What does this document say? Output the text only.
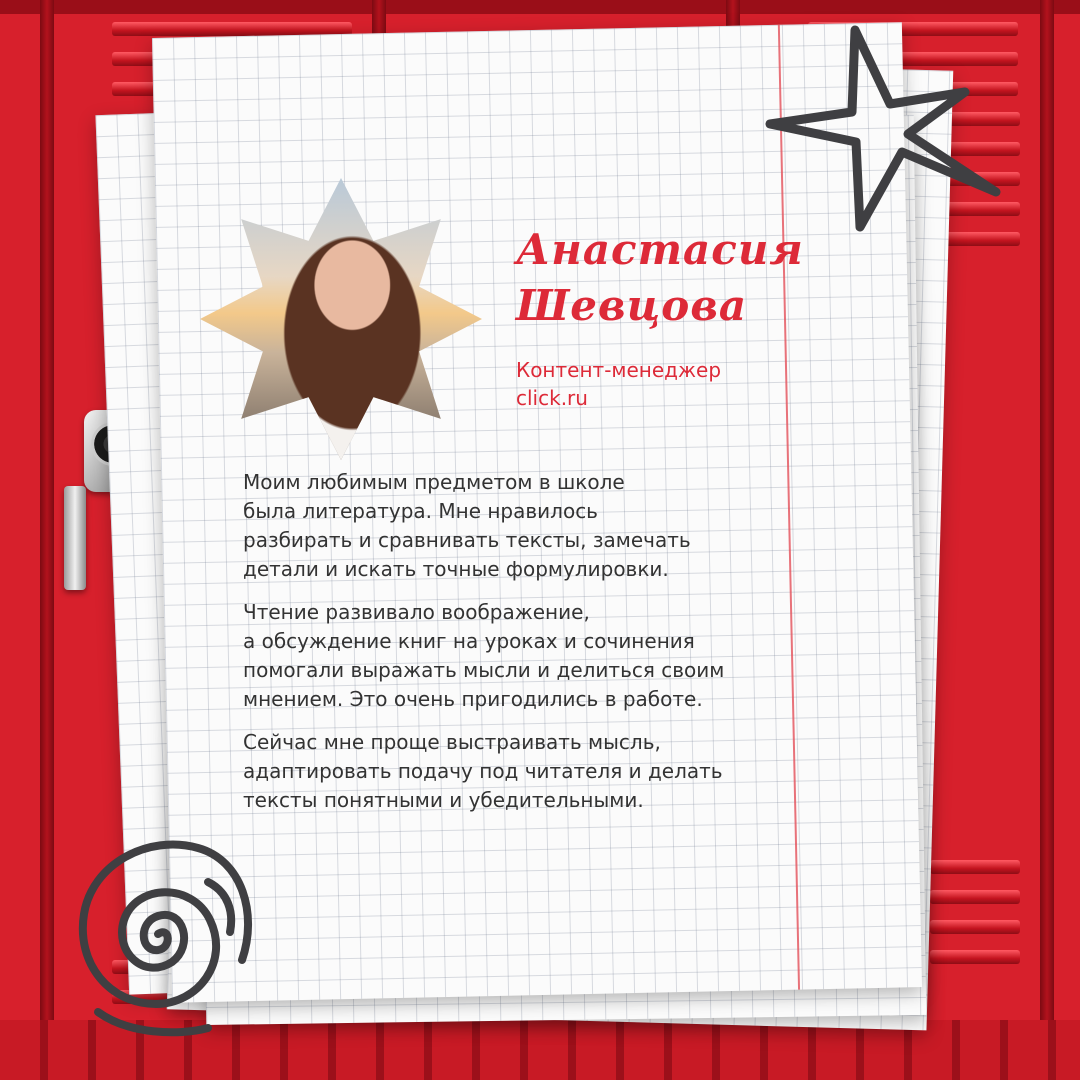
Анастасия
Шевцова
Контент-менеджер
click.ru

Моим любимым предметом в школе
была литература. Мне нравилось
разбирать и сравнивать тексты, замечать
детали и искать точные формулировки.

Чтение развивало воображение,
а обсуждение книг на уроках и сочинения
помогали выражать мысли и делиться своим
мнением. Это очень пригодились в работе.

Сейчас мне проще выстраивать мысль,
адаптировать подачу под читателя и делать
тексты понятными и убедительными.
